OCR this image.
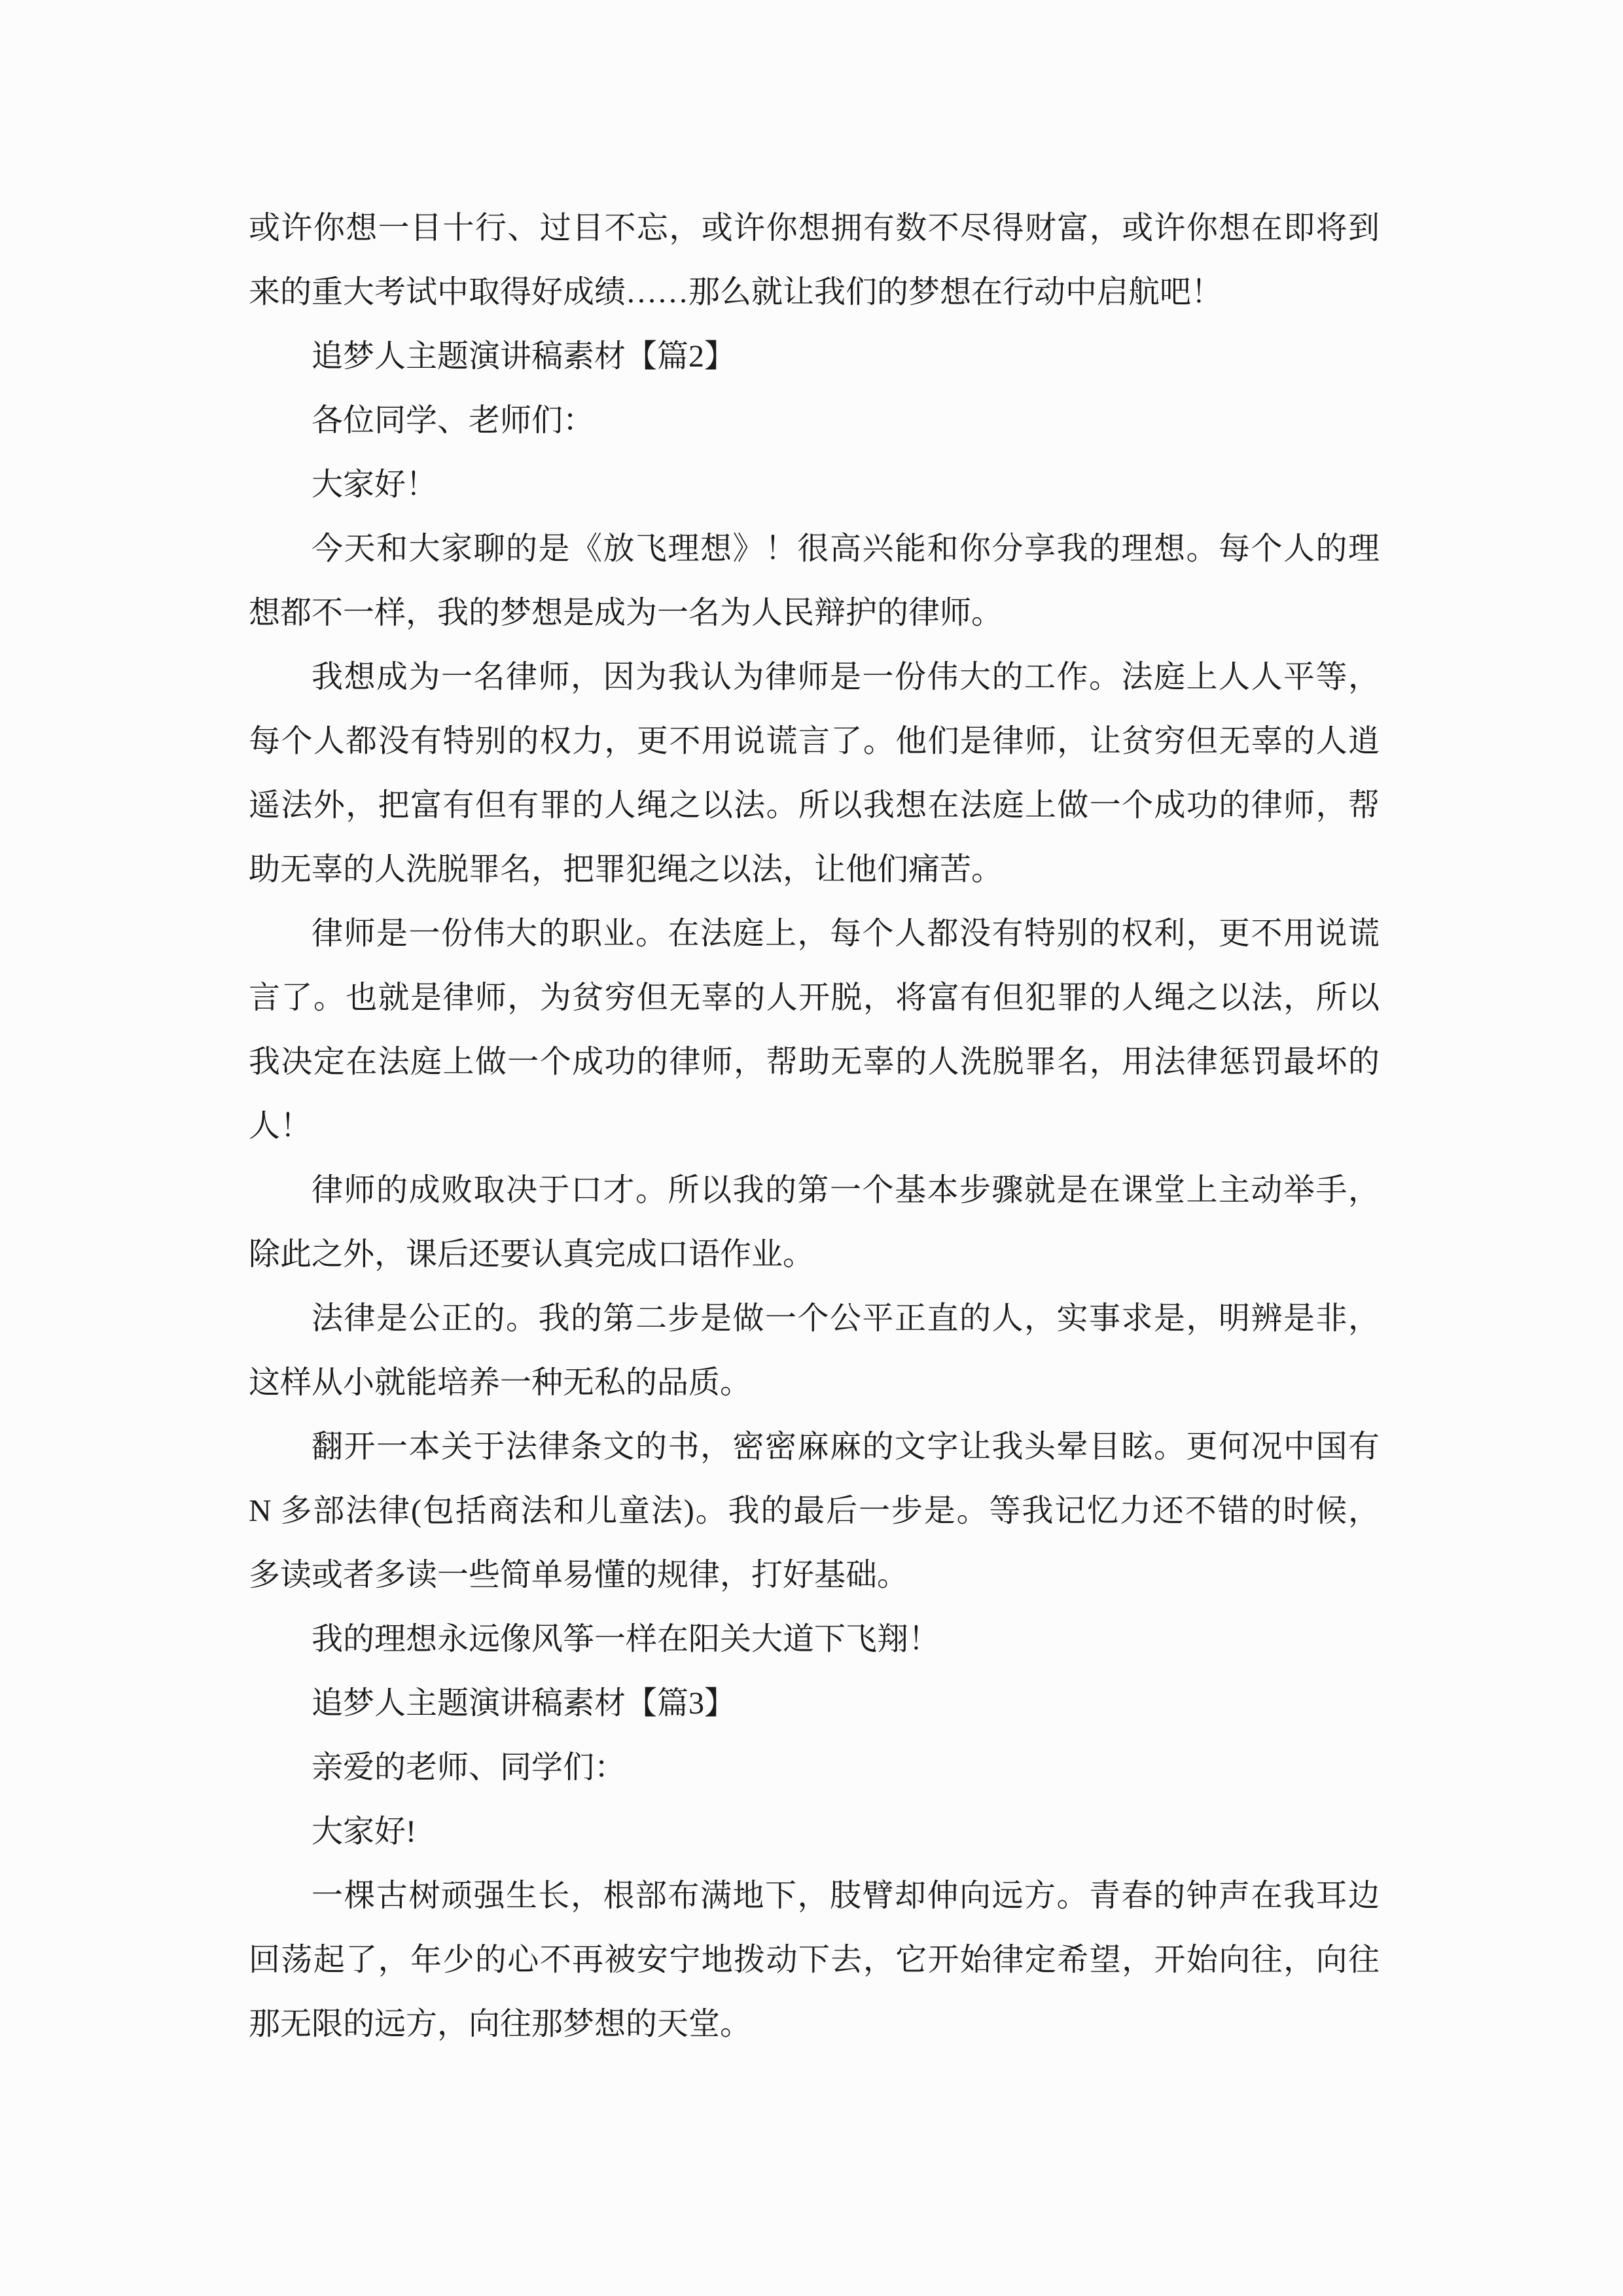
或许你想一目十行、过目不忘，或许你想拥有数不尽得财富，或许你想在即将到
来的重大考试中取得好成绩……那么就让我们的梦想在行动中启航吧！
追梦人主题演讲稿素材【篇2】
各位同学、老师们：
大家好！
今天和大家聊的是《放飞理想》！很高兴能和你分享我的理想。每个人的理
想都不一样，我的梦想是成为一名为人民辩护的律师。
我想成为一名律师，因为我认为律师是一份伟大的工作。法庭上人人平等，
每个人都没有特别的权力，更不用说谎言了。他们是律师，让贫穷但无辜的人逍
遥法外，把富有但有罪的人绳之以法。所以我想在法庭上做一个成功的律师，帮
助无辜的人洗脱罪名，把罪犯绳之以法，让他们痛苦。
律师是一份伟大的职业。在法庭上，每个人都没有特别的权利，更不用说谎
言了。也就是律师，为贫穷但无辜的人开脱，将富有但犯罪的人绳之以法，所以
我决定在法庭上做一个成功的律师，帮助无辜的人洗脱罪名，用法律惩罚最坏的
人！
律师的成败取决于口才。所以我的第一个基本步骤就是在课堂上主动举手，
除此之外，课后还要认真完成口语作业。
法律是公正的。我的第二步是做一个公平正直的人，实事求是，明辨是非，
这样从小就能培养一种无私的品质。
翻开一本关于法律条文的书，密密麻麻的文字让我头晕目眩。更何况中国有
N 多部法律(包括商法和儿童法)。我的最后一步是。等我记忆力还不错的时候，
多读或者多读一些简单易懂的规律，打好基础。
我的理想永远像风筝一样在阳关大道下飞翔！
追梦人主题演讲稿素材【篇3】
亲爱的老师、同学们：
大家好!
一棵古树顽强生长，根部布满地下，肢臂却伸向远方。青春的钟声在我耳边
回荡起了，年少的心不再被安宁地拨动下去，它开始律定希望，开始向往，向往
那无限的远方，向往那梦想的天堂。
